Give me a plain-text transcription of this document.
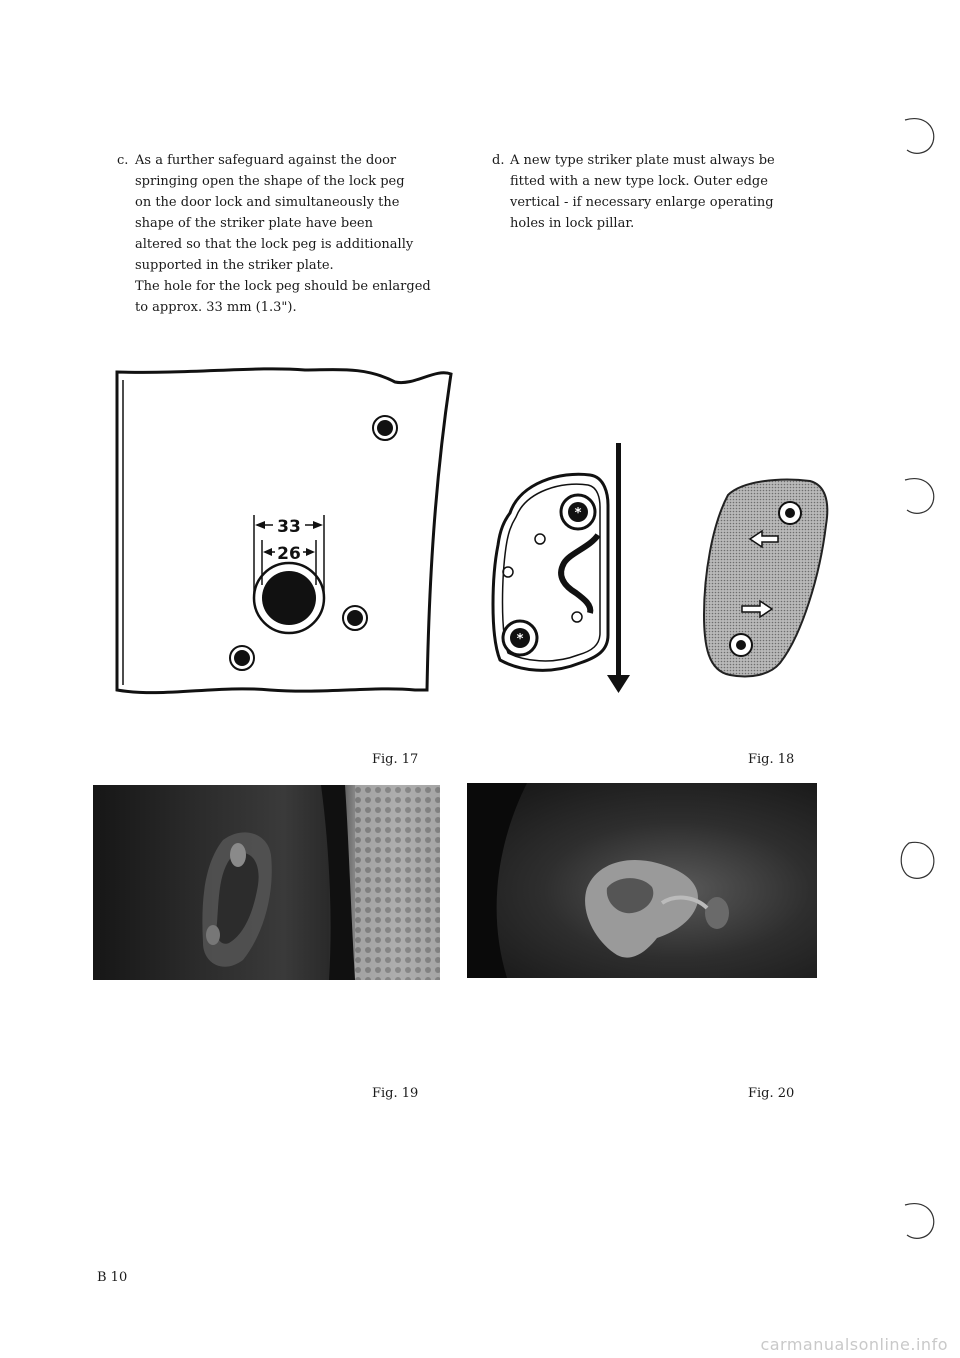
c. As a further safeguard against the door
springing open the shape of the lock peg
on the door lock and simultaneously the
shape of the striker plate have been
altered so that the lock peg is additionally
supported in the striker plate.
The hole for the lock peg should be enlarged
to approx. 33 mm (1.3").
d. A new type striker plate must always be
fitted with a new type lock. Outer edge
vertical - if necessary enlarge operating
holes in lock pillar.
33
26
*
*
Fig. 17	Fig. 18
Fig. 19	Fig. 20
B 10
carmanualsonline.info
